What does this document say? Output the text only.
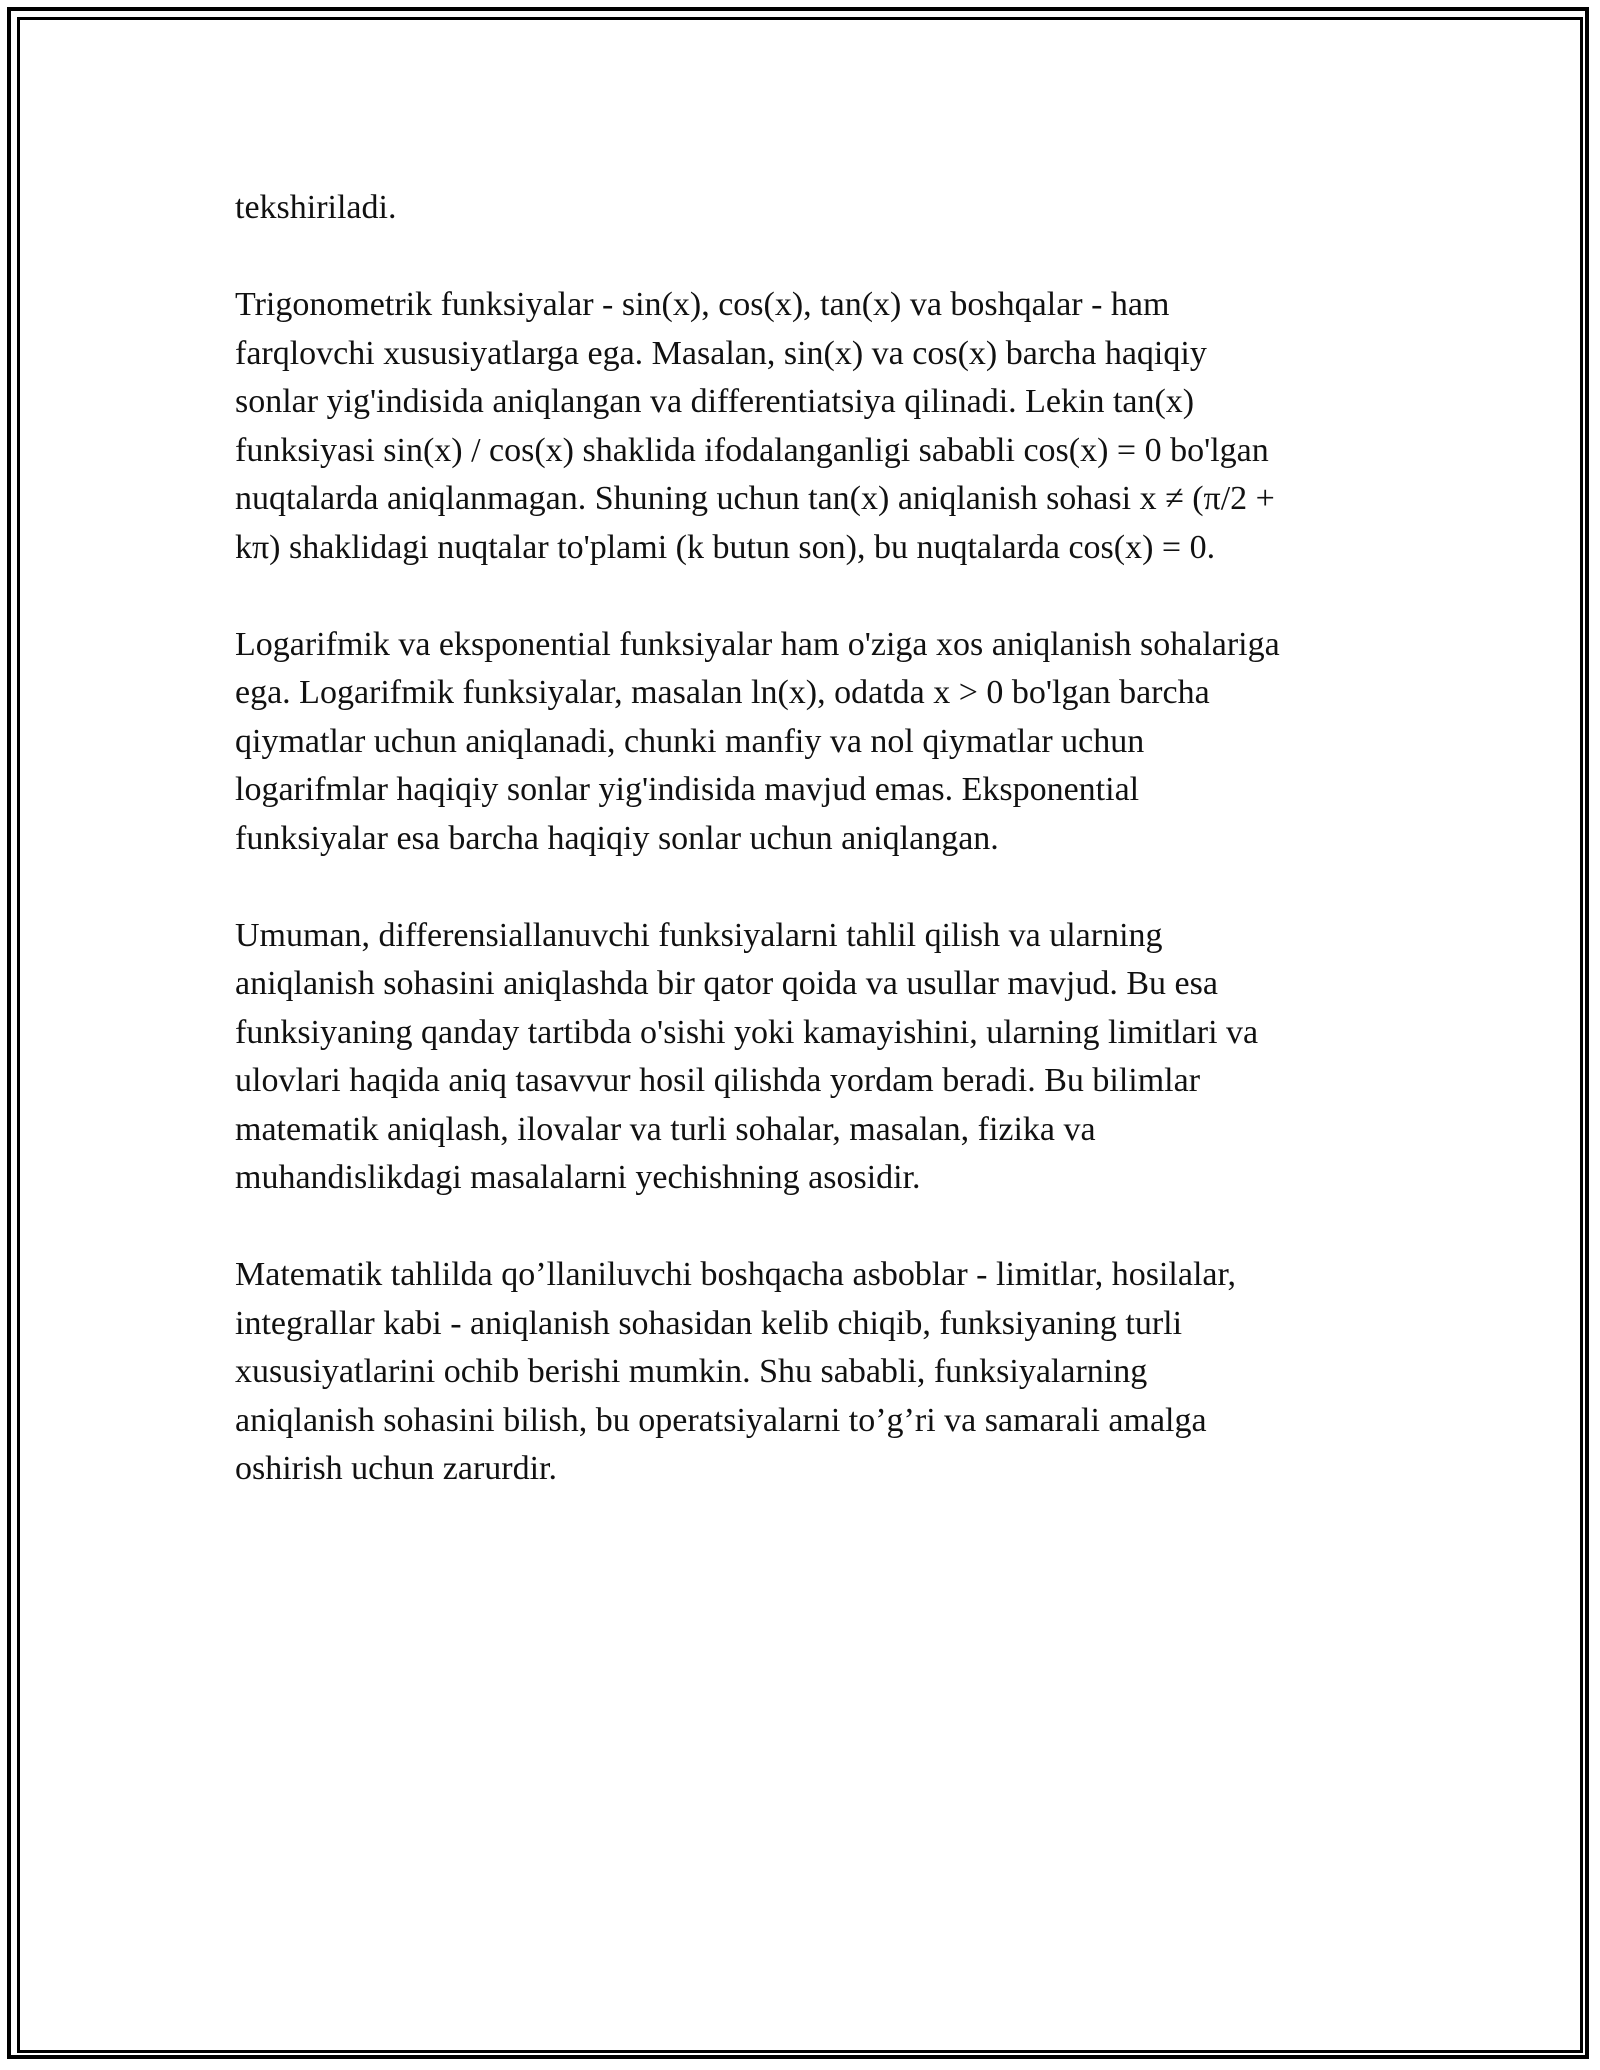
tekshiriladi.

Trigonometrik funksiyalar - sin(x), cos(x), tan(x) va boshqalar - ham
farqlovchi xususiyatlarga ega. Masalan, sin(x) va cos(x) barcha haqiqiy
sonlar yig'indisida aniqlangan va differentiatsiya qilinadi. Lekin tan(x)
funksiyasi sin(x) / cos(x) shaklida ifodalanganligi sababli cos(x) = 0 bo'lgan
nuqtalarda aniqlanmagan. Shuning uchun tan(x) aniqlanish sohasi x ≠ (π/2 +
kπ) shaklidagi nuqtalar to'plami (k butun son), bu nuqtalarda cos(x) = 0.

Logarifmik va eksponential funksiyalar ham o'ziga xos aniqlanish sohalariga
ega. Logarifmik funksiyalar, masalan ln(x), odatda x > 0 bo'lgan barcha
qiymatlar uchun aniqlanadi, chunki manfiy va nol qiymatlar uchun
logarifmlar haqiqiy sonlar yig'indisida mavjud emas. Eksponential
funksiyalar esa barcha haqiqiy sonlar uchun aniqlangan.

Umuman, differensiallanuvchi funksiyalarni tahlil qilish va ularning
aniqlanish sohasini aniqlashda bir qator qoida va usullar mavjud. Bu esa
funksiyaning qanday tartibda o'sishi yoki kamayishini, ularning limitlari va
ulovlari haqida aniq tasavvur hosil qilishda yordam beradi. Bu bilimlar
matematik aniqlash, ilovalar va turli sohalar, masalan, fizika va
muhandislikdagi masalalarni yechishning asosidir.

Matematik tahlilda qo’llaniluvchi boshqacha asboblar - limitlar, hosilalar,
integrallar kabi - aniqlanish sohasidan kelib chiqib, funksiyaning turli
xususiyatlarini ochib berishi mumkin. Shu sababli, funksiyalarning
aniqlanish sohasini bilish, bu operatsiyalarni to’g’ri va samarali amalga
oshirish uchun zarurdir.
